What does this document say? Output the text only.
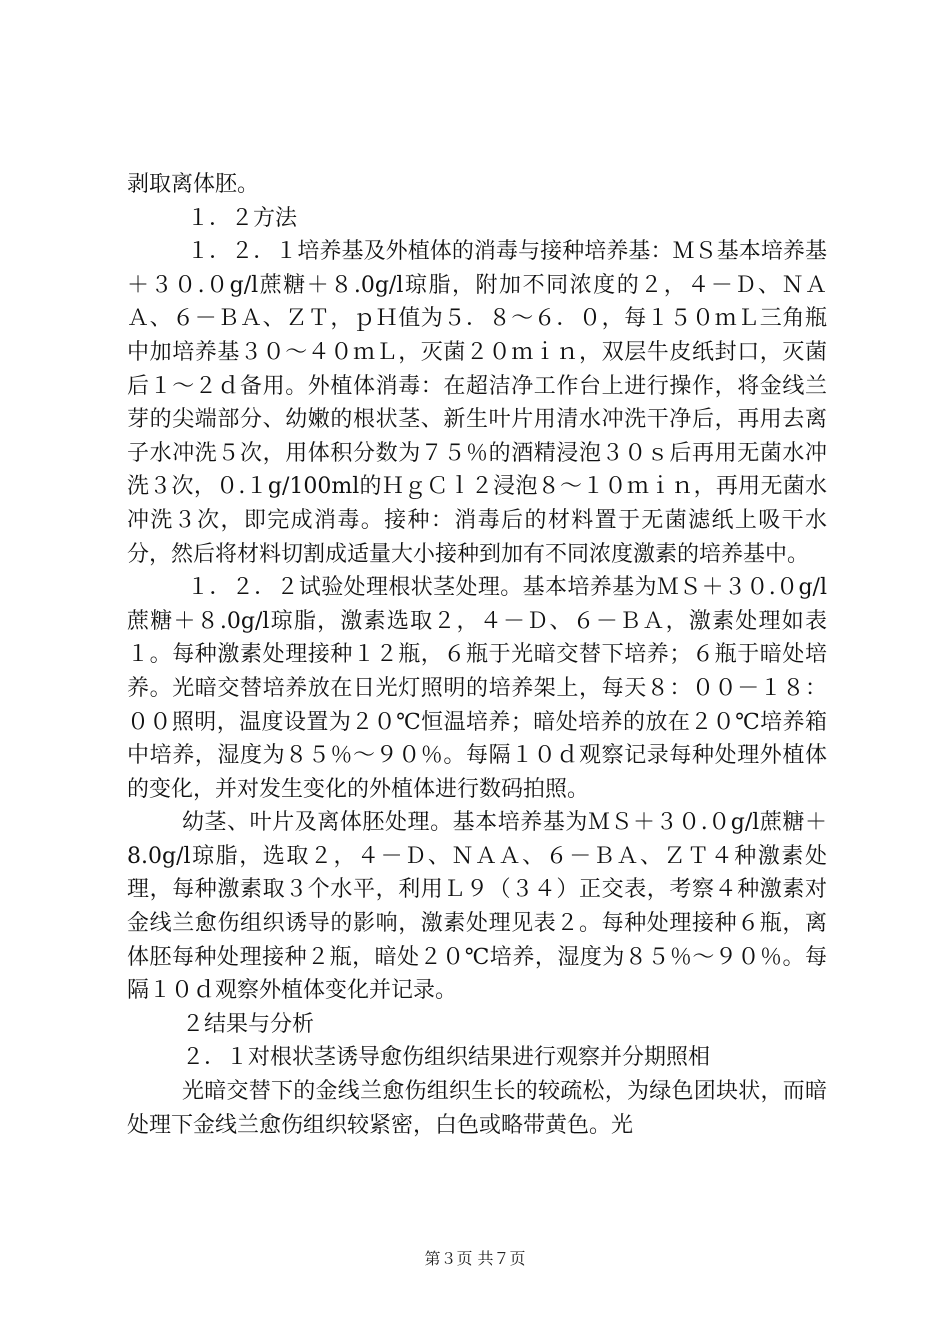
剥取离体胚。

１．２方法

１．２．１培养基及外植体的消毒与接种培养基：ＭＳ基本培养基＋３０.０g/l蔗糖＋８.0g/l琼脂，附加不同浓度的２，４－Ｄ、ＮＡＡ、６－ＢＡ、ＺＴ，ｐＨ值为５．８～６．０，每１５０ｍＬ三角瓶中加培养基３０～４０ｍＬ，灭菌２０ｍｉｎ，双层牛皮纸封口，灭菌后１～２ｄ备用。外植体消毒：在超洁净工作台上进行操作，将金线兰芽的尖端部分、幼嫩的根状茎、新生叶片用清水冲洗干净后，再用去离子水冲洗５次，用体积分数为７５％的酒精浸泡３０ｓ后再用无菌水冲洗３次，０.１g/100ml的ＨｇＣｌ２浸泡８～１０ｍｉｎ，再用无菌水冲洗３次，即完成消毒。接种：消毒后的材料置于无菌滤纸上吸干水分，然后将材料切割成适量大小接种到加有不同浓度激素的培养基中。

１．２．２试验处理根状茎处理。基本培养基为ＭＳ＋３０.０g/l蔗糖＋８.0g/l琼脂，激素选取２，４－Ｄ、６－ＢＡ，激素处理如表１。每种激素处理接种１２瓶，６瓶于光暗交替下培养；６瓶于暗处培养。光暗交替培养放在日光灯照明的培养架上，每天８：００－１８：００照明，温度设置为２０℃恒温培养；暗处培养的放在２０℃培养箱中培养，湿度为８５％～９０％。每隔１０ｄ观察记录每种处理外植体的变化，并对发生变化的外植体进行数码拍照。

幼茎、叶片及离体胚处理。基本培养基为ＭＳ＋３０.０g/l蔗糖＋8.0g/l琼脂，选取２，４－Ｄ、ＮＡＡ、６－ＢＡ、ＺＴ４种激素处理，每种激素取３个水平，利用Ｌ９（３４）正交表，考察４种激素对金线兰愈伤组织诱导的影响，激素处理见表２。每种处理接种６瓶，离体胚每种处理接种２瓶，暗处２０℃培养，湿度为８５％～９０％。每隔１０ｄ观察外植体变化并记录。

２结果与分析

２．１对根状茎诱导愈伤组织结果进行观察并分期照相

光暗交替下的金线兰愈伤组织生长的较疏松，为绿色团块状，而暗处理下金线兰愈伤组织较紧密，白色或略带黄色。光

第３页 共７页
